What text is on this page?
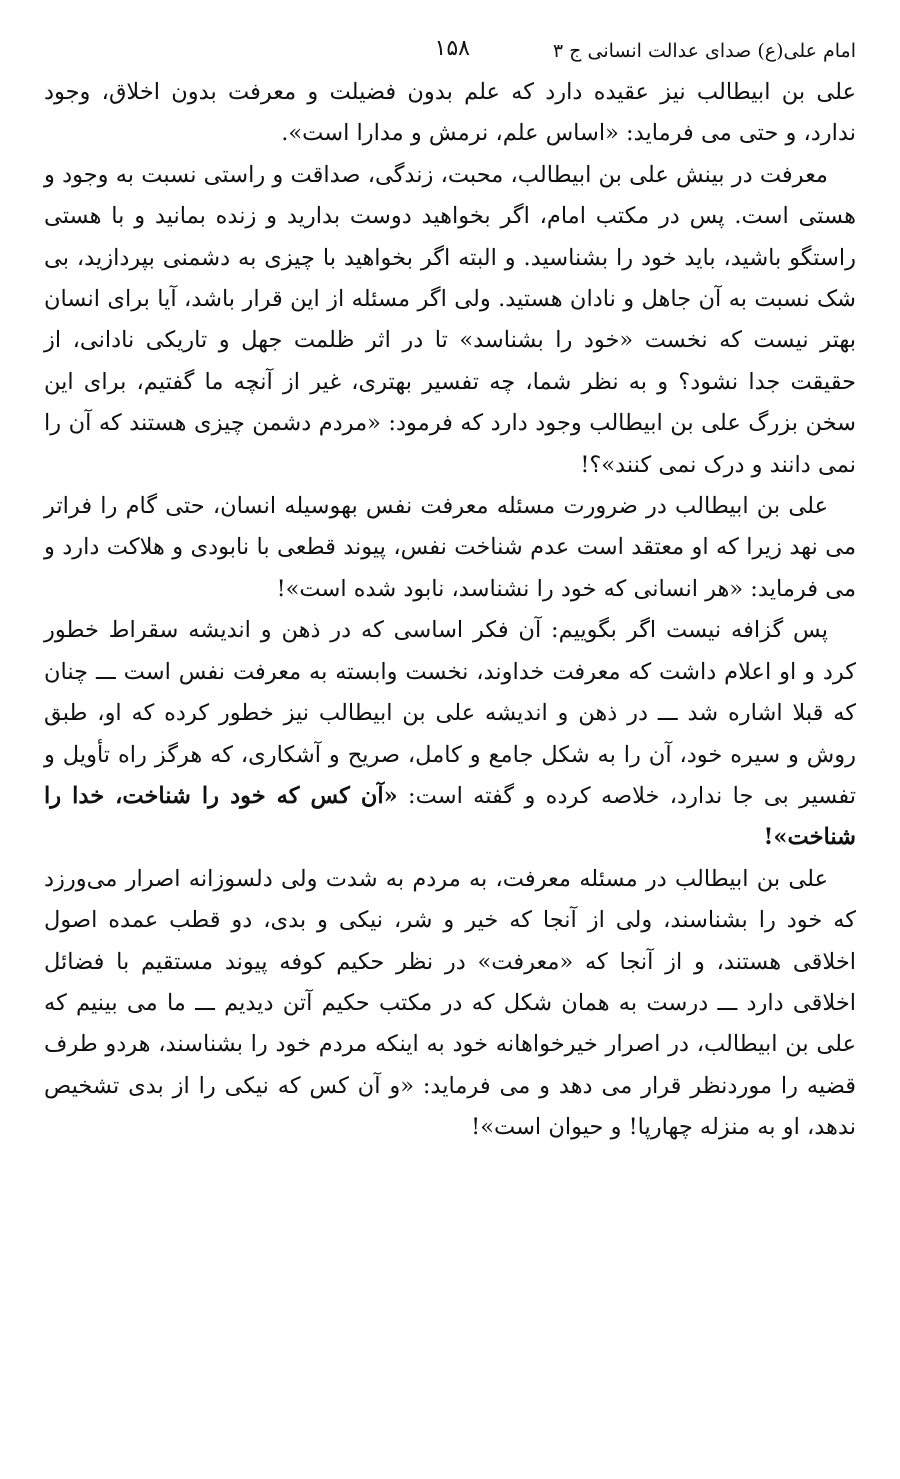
امام علی(ع) صدای عدالت انسانی ج ۳
۱۵۸

علی بن ابیطالب نیز عقیده دارد که علم بدون فضیلت و معرفت بدون اخلاق، وجود ندارد، و حتی می فرماید: «اساس علم، نرمش و مدارا است».

معرفت در بینش علی بن ابیطالب، محبت، زندگی، صداقت و راستی نسبت به وجود و هستی است. پس در مکتب امام، اگر بخواهید دوست بدارید و زنده بمانید و با هستی راستگو باشید، باید خود را بشناسید. و البته اگر بخواهید با چیزی به دشمنی بپردازید، بی شک نسبت به آن جاهل و نادان هستید. ولی اگر مسئله از این قرار باشد، آیا برای انسان بهتر نیست که نخست «خود را بشناسد» تا در اثر ظلمت جهل و تاریکی نادانی، از حقیقت جدا نشود؟ و به نظر شما، چه تفسیر بهتری، غیر از آنچه ما گفتیم، برای این سخن بزرگ علی بن ابیطالب وجود دارد که فرمود: «مردم دشمن چیزی هستند که آن را نمی دانند و درک نمی کنند»؟!

علی بن ابیطالب در ضرورت مسئله معرفت نفس بهوسیله انسان، حتی گام را فراتر می نهد زیرا که او معتقد است عدم شناخت نفس، پیوند قطعی با نابودی و هلاکت دارد و می فرماید: «هر انسانی که خود را نشناسد، نابود شده است»!

پس گزافه نیست اگر بگوییم: آن فکر اساسی که در ذهن و اندیشه سقراط خطور کرد و او اعلام داشت که معرفت خداوند، نخست وابسته به معرفت نفس است ـــ چنان که قبلا اشاره شد ـــ در ذهن و اندیشه علی بن ابیطالب نیز خطور کرده که او، طبق روش و سیره خود، آن را به شکل جامع و کامل، صریح و آشکاری، که هرگز راه تأویل و تفسیر بی جا ندارد، خلاصه کرده و گفته است: «آن کس که خود را شناخت، خدا را شناخت»!

علی بن ابیطالب در مسئله معرفت، به مردم به شدت ولی دلسوزانه اصرار می‌ورزد که خود را بشناسند، ولی از آنجا که خیر و شر، نیکی و بدی، دو قطب عمده اصول اخلاقی هستند، و از آنجا که «معرفت» در نظر حکیم کوفه پیوند مستقیم با فضائل اخلاقی دارد ـــ درست به همان شکل که در مکتب حکیم آتن دیدیم ـــ ما می بینیم که علی بن ابیطالب، در اصرار خیرخواهانه خود به اینکه مردم خود را بشناسند، هردو طرف قضیه را موردنظر قرار می دهد و می فرماید: «و آن کس که نیکی را از بدی تشخیص ندهد، او به منزله چهارپا! و حیوان است»!
